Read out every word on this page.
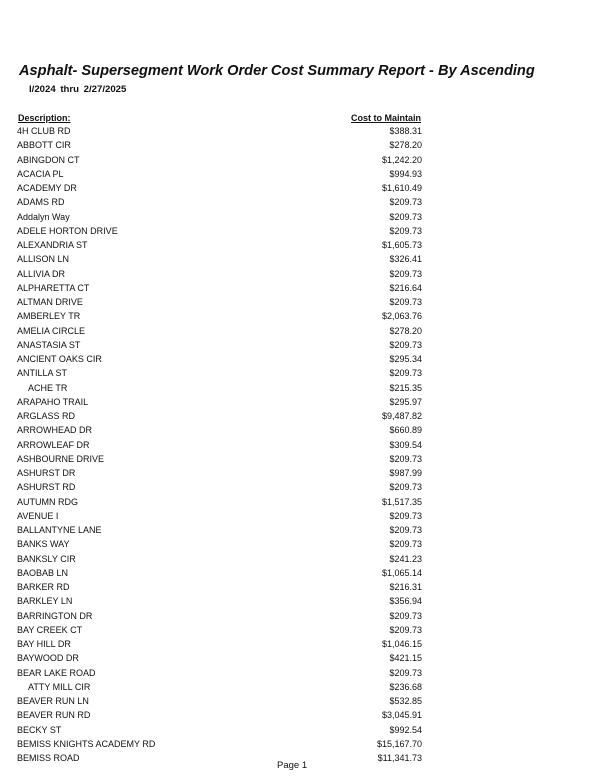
Asphalt- Supersegment Work Order Cost Summary Report - By Ascending
l/2024 thru 2/27/2025
Description:	Cost to Maintain
4H CLUB RD	$388.31
ABBOTT CIR	$278.20
ABINGDON CT	$1,242.20
ACACIA PL	$994.93
ACADEMY DR	$1,610.49
ADAMS RD	$209.73
Addalyn Way	$209.73
ADELE HORTON DRIVE	$209.73
ALEXANDRIA ST	$1,605.73
ALLISON LN	$326.41
ALLIVIA DR	$209.73
ALPHARETTA CT	$216.64
ALTMAN DRIVE	$209.73
AMBERLEY TR	$2,063.76
AMELIA CIRCLE	$278.20
ANASTASIA ST	$209.73
ANCIENT OAKS CIR	$295.34
ANTILLA ST	$209.73
ACHE TR	$215.35
ARAPAHO TRAIL	$295.97
ARGLASS RD	$9,487.82
ARROWHEAD DR	$660.89
ARROWLEAF DR	$309.54
ASHBOURNE DRIVE	$209.73
ASHURST DR	$987.99
ASHURST RD	$209.73
AUTUMN RDG	$1,517.35
AVENUE I	$209.73
BALLANTYNE LANE	$209.73
BANKS WAY	$209.73
BANKSLY CIR	$241.23
BAOBAB LN	$1,065.14
BARKER RD	$216.31
BARKLEY LN	$356.94
BARRINGTON DR	$209.73
BAY CREEK CT	$209.73
BAY HILL DR	$1,046.15
BAYWOOD DR	$421.15
BEAR LAKE ROAD	$209.73
ATTY MILL CIR	$236.68
BEAVER RUN LN	$532.85
BEAVER RUN RD	$3,045.91
BECKY ST	$992.54
BEMISS KNIGHTS ACADEMY RD	$15,167.70
BEMISS ROAD	$11,341.73
Page 1
